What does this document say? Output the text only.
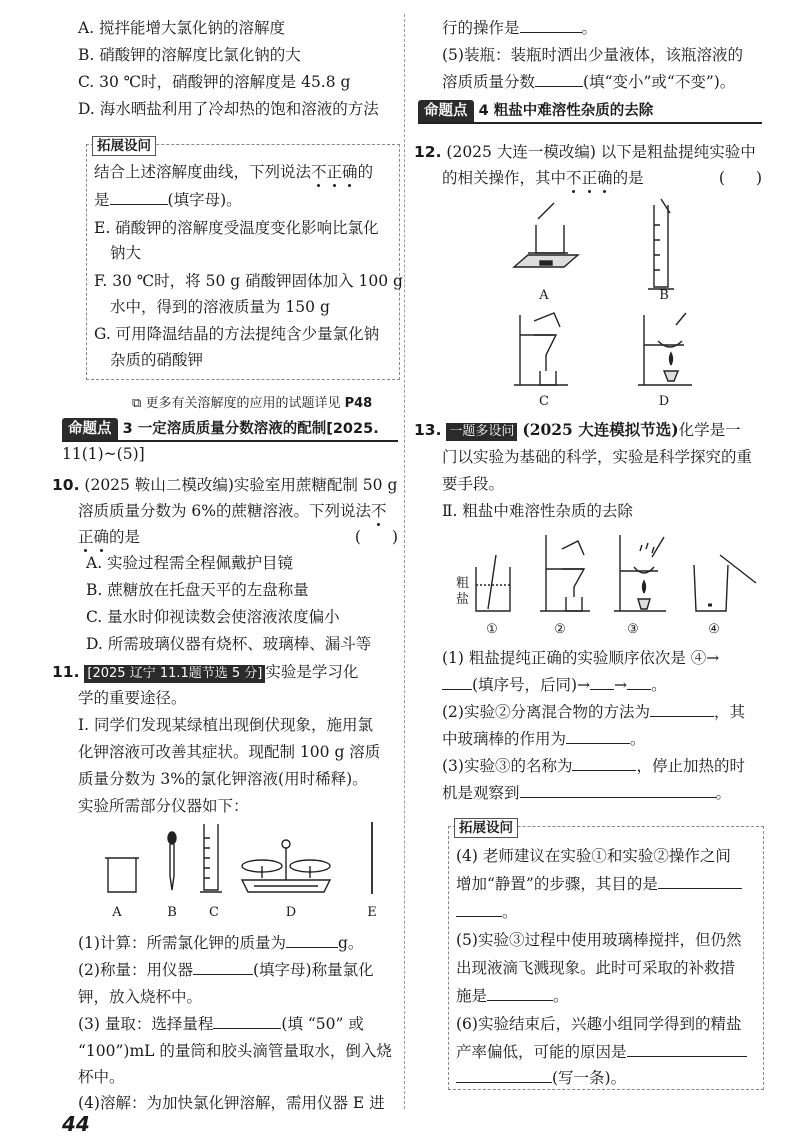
A. 搅拌能增大氯化钠的溶解度
B. 硝酸钾的溶解度比氯化钠的大
C. 30 ℃时，硝酸钾的溶解度是 45.8 g
D. 海水晒盐利用了冷却热的饱和溶液的方法
拓展设问
结合上述溶解度曲线，下列说法不正确的
是	(填字母)。
E. 硝酸钾的溶解度受温度变化影响比氯化
钠大
F. 30 ℃时，将 50 g 硝酸钾固体加入 100 g
水中，得到的溶液质量为 150 g
G. 可用降温结晶的方法提纯含少量氯化钠
杂质的硝酸钾
⧉ 更多有关溶解度的应用的试题详见 P48
命题点 3 一定溶质质量分数溶液的配制[2025.
11(1)~(5)]
10. (2025 鞍山二模改编)实验室用蔗糖配制 50 g
溶质质量分数为 6%的蔗糖溶液。下列说法不
正确的是	(　　)
A. 实验过程需全程佩戴护目镜
B. 蔗糖放在托盘天平的左盘称量
C. 量水时仰视读数会使溶液浓度偏小
D. 所需玻璃仪器有烧杯、玻璃棒、漏斗等
11. [2025 辽宁 11.1题节选 5 分] 实验是学习化
学的重要途径。
Ⅰ. 同学们发现某绿植出现倒伏现象，施用氯
化钾溶液可改善其症状。现配制 100 g 溶质
质量分数为 3%的氯化钾溶液(用时稀释)。
实验所需部分仪器如下：
A	B	C	D	E
(1)计算：所需氯化钾的质量为	g。
(2)称量：用仪器	(填字母)称量氯化
钾，放入烧杯中。
(3) 量取：选择量程	(填 “50” 或
“100”)mL 的量筒和胶头滴管量取水，倒入烧
杯中。
(4)溶解：为加快氯化钾溶解，需用仪器 E 进
44
行的操作是	。
(5)装瓶：装瓶时洒出少量液体，该瓶溶液的
溶质质量分数	(填“变小”或“不变”)。
命题点 4 粗盐中难溶性杂质的去除
12. (2025 大连一模改编) 以下是粗盐提纯实验中
的相关操作，其中不正确的是	(　　)
A	B
C	D
13. 一题多设问 (2025 大连模拟节选)化学是一
门以实验为基础的科学，实验是科学探究的重
要手段。
Ⅱ. 粗盐中难溶性杂质的去除
粗盐
①	②	③	④
(1) 粗盐提纯正确的实验顺序依次是 ④→
(填序号，后同)→ → 。
(2)实验②分离混合物的方法为	，其
中玻璃棒的作用为	。
(3)实验③的名称为	，停止加热的时
机是观察到	。
拓展设问
(4) 老师建议在实验①和实验②操作之间
增加“静置”的步骤，其目的是
。
(5)实验③过程中使用玻璃棒搅拌，但仍然
出现液滴飞溅现象。此时可采取的补救措
施是	。
(6)实验结束后，兴趣小组同学得到的精盐
产率偏低，可能的原因是
(写一条)。
